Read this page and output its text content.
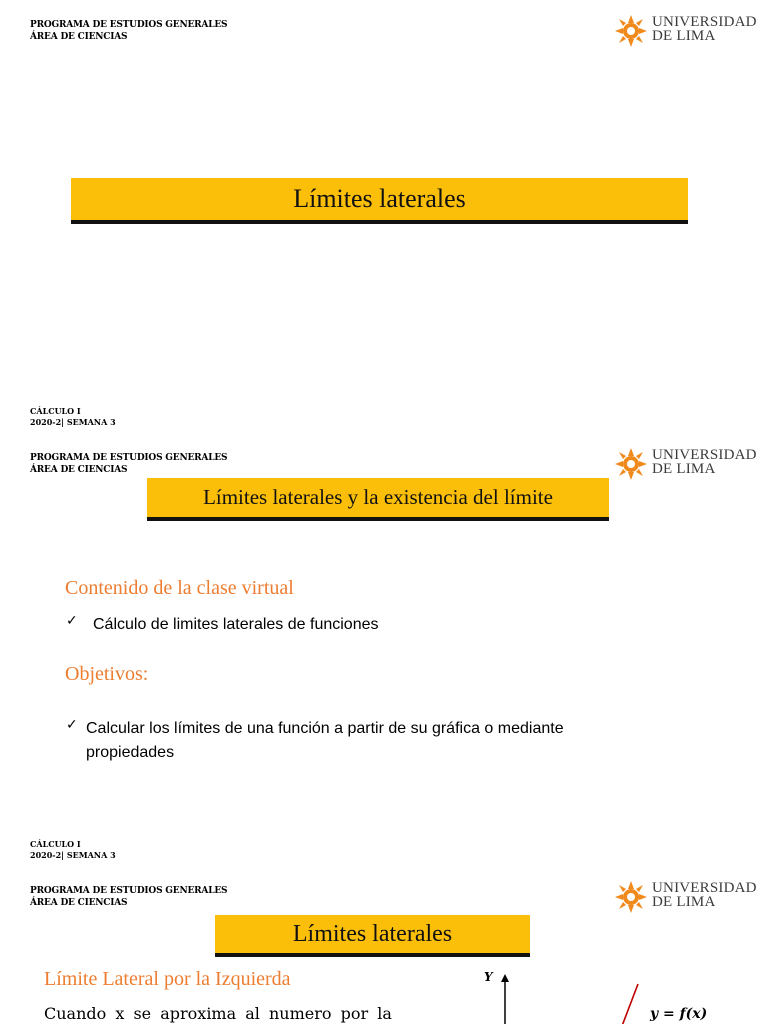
PROGRAMA DE ESTUDIOS GENERALES
ÁREA DE CIENCIAS
UNIVERSIDAD
DE LIMA
Límites laterales
CÁLCULO I
2020-2| SEMANA 3
PROGRAMA DE ESTUDIOS GENERALES
ÁREA DE CIENCIAS
UNIVERSIDAD
DE LIMA
Límites laterales y la existencia del límite
Contenido de la clase virtual
✓ Cálculo de limites laterales de funciones
Objetivos:
✓ Calcular los límites de una función a partir de su gráfica o mediante
propiedades
CÁLCULO I
2020-2| SEMANA 3
PROGRAMA DE ESTUDIOS GENERALES
ÁREA DE CIENCIAS
UNIVERSIDAD
DE LIMA
Límites laterales
Límite Lateral por la Izquierda
Cuando x se aproxima al numero por la
Y
y = f(x)
